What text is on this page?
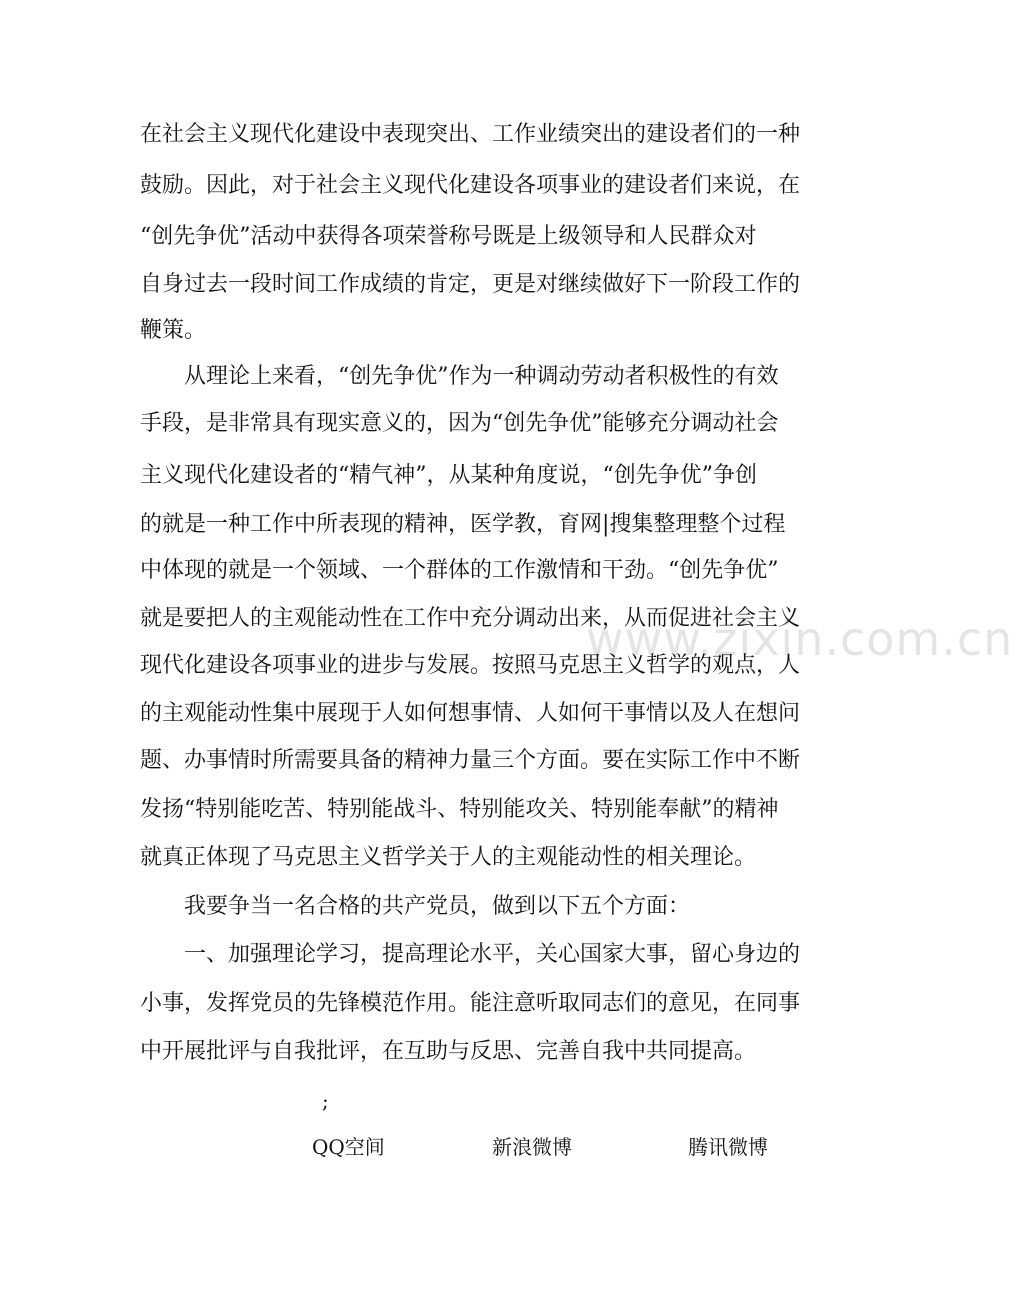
在社会主义现代化建设中表现突出、工作业绩突出的建设者们的一种
鼓励。因此，对于社会主义现代化建设各项事业的建设者们来说，在
“创先争优”活动中获得各项荣誉称号既是上级领导和人民群众对
自身过去一段时间工作成绩的肯定，更是对继续做好下一阶段工作的
鞭策。
　　从理论上来看，“创先争优”作为一种调动劳动者积极性的有效
手段，是非常具有现实意义的，因为“创先争优”能够充分调动社会
主义现代化建设者的“精气神”，从某种角度说，“创先争优”争创
的就是一种工作中所表现的精神，医学教，育网|搜集整理整个过程
中体现的就是一个领域、一个群体的工作激情和干劲。“创先争优”
就是要把人的主观能动性在工作中充分调动出来，从而促进社会主义
现代化建设各项事业的进步与发展。按照马克思主义哲学的观点，人
的主观能动性集中展现于人如何想事情、人如何干事情以及人在想问
题、办事情时所需要具备的精神力量三个方面。要在实际工作中不断
发扬“特别能吃苦、特别能战斗、特别能攻关、特别能奉献”的精神
就真正体现了马克思主义哲学关于人的主观能动性的相关理论。
　　我要争当一名合格的共产党员，做到以下五个方面：
　　一、加强理论学习，提高理论水平，关心国家大事，留心身边的
小事，发挥党员的先锋模范作用。能注意听取同志们的意见，在同事
中开展批评与自我批评，在互助与反思、完善自我中共同提高。
www.zixin.com.cn
;
QQ空间	新浪微博	腾讯微博
